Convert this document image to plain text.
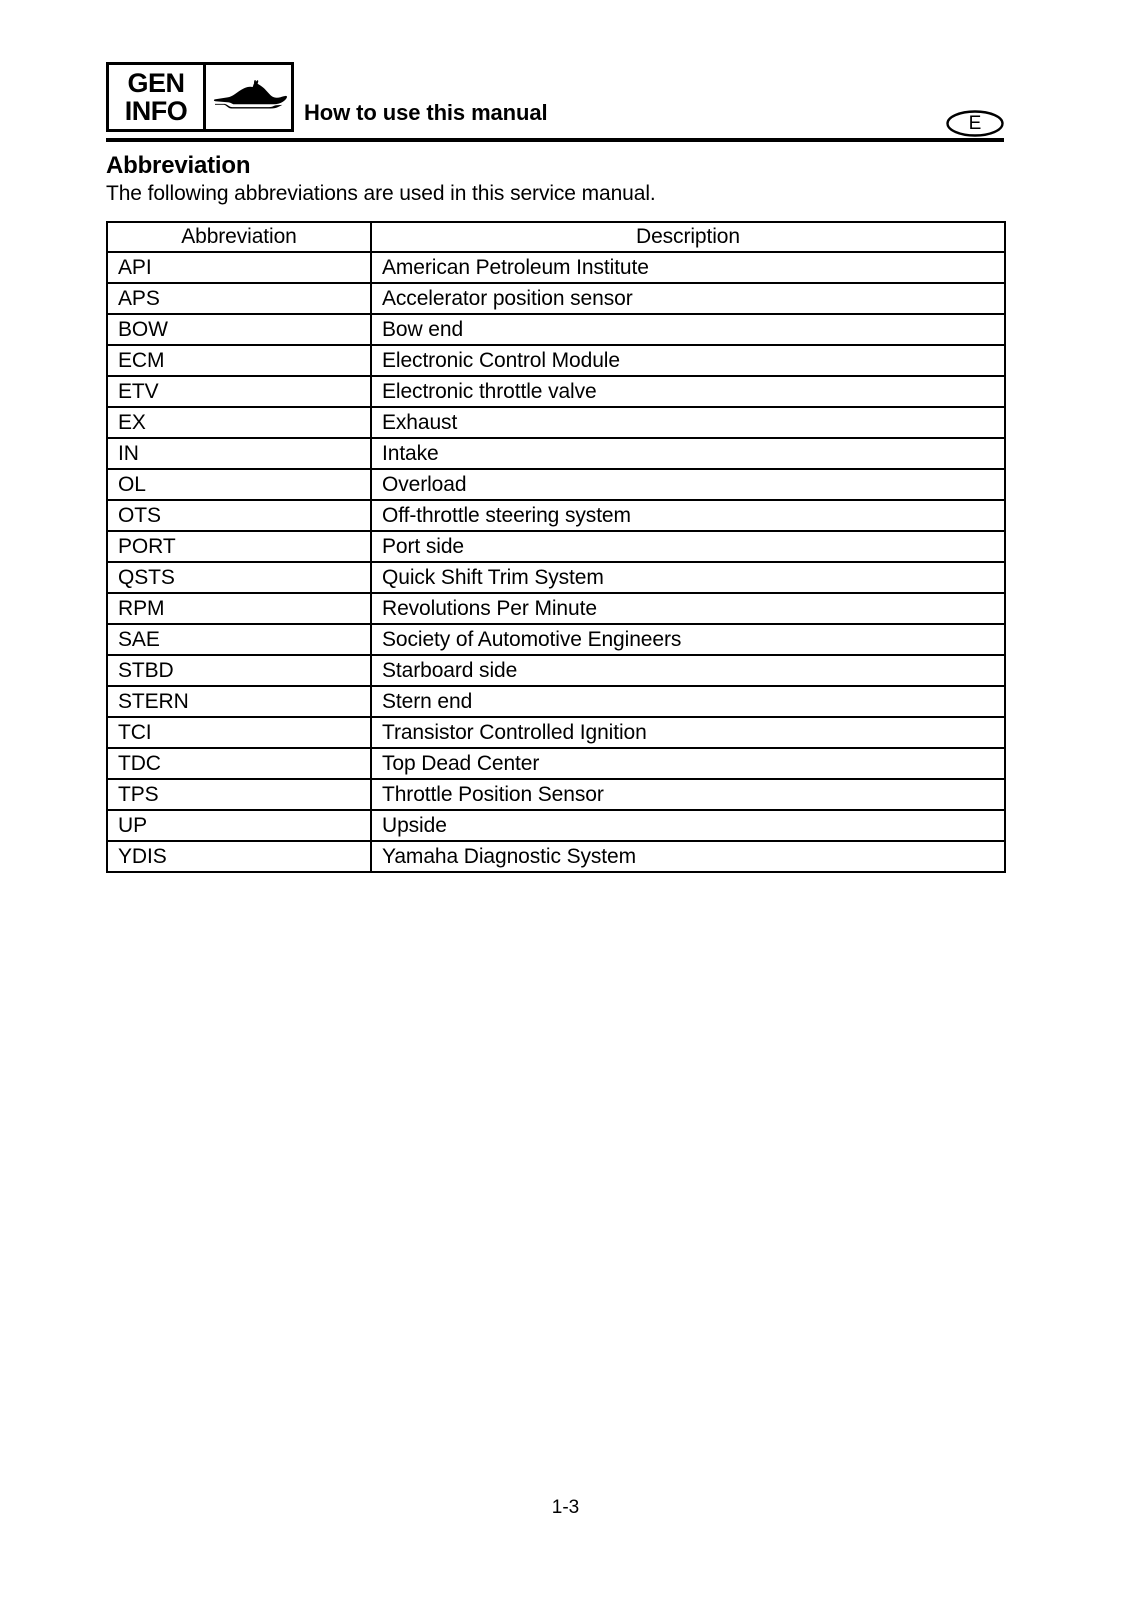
GEN
INFO	How to use this manual	E
Abbreviation
The following abbreviations are used in this service manual.
Abbreviation	Description
API	American Petroleum Institute
APS	Accelerator position sensor
BOW	Bow end
ECM	Electronic Control Module
ETV	Electronic throttle valve
EX	Exhaust
IN	Intake
OL	Overload
OTS	Off-throttle steering system
PORT	Port side
QSTS	Quick Shift Trim System
RPM	Revolutions Per Minute
SAE	Society of Automotive Engineers
STBD	Starboard side
STERN	Stern end
TCI	Transistor Controlled Ignition
TDC	Top Dead Center
TPS	Throttle Position Sensor
UP	Upside
YDIS	Yamaha Diagnostic System
1-3
